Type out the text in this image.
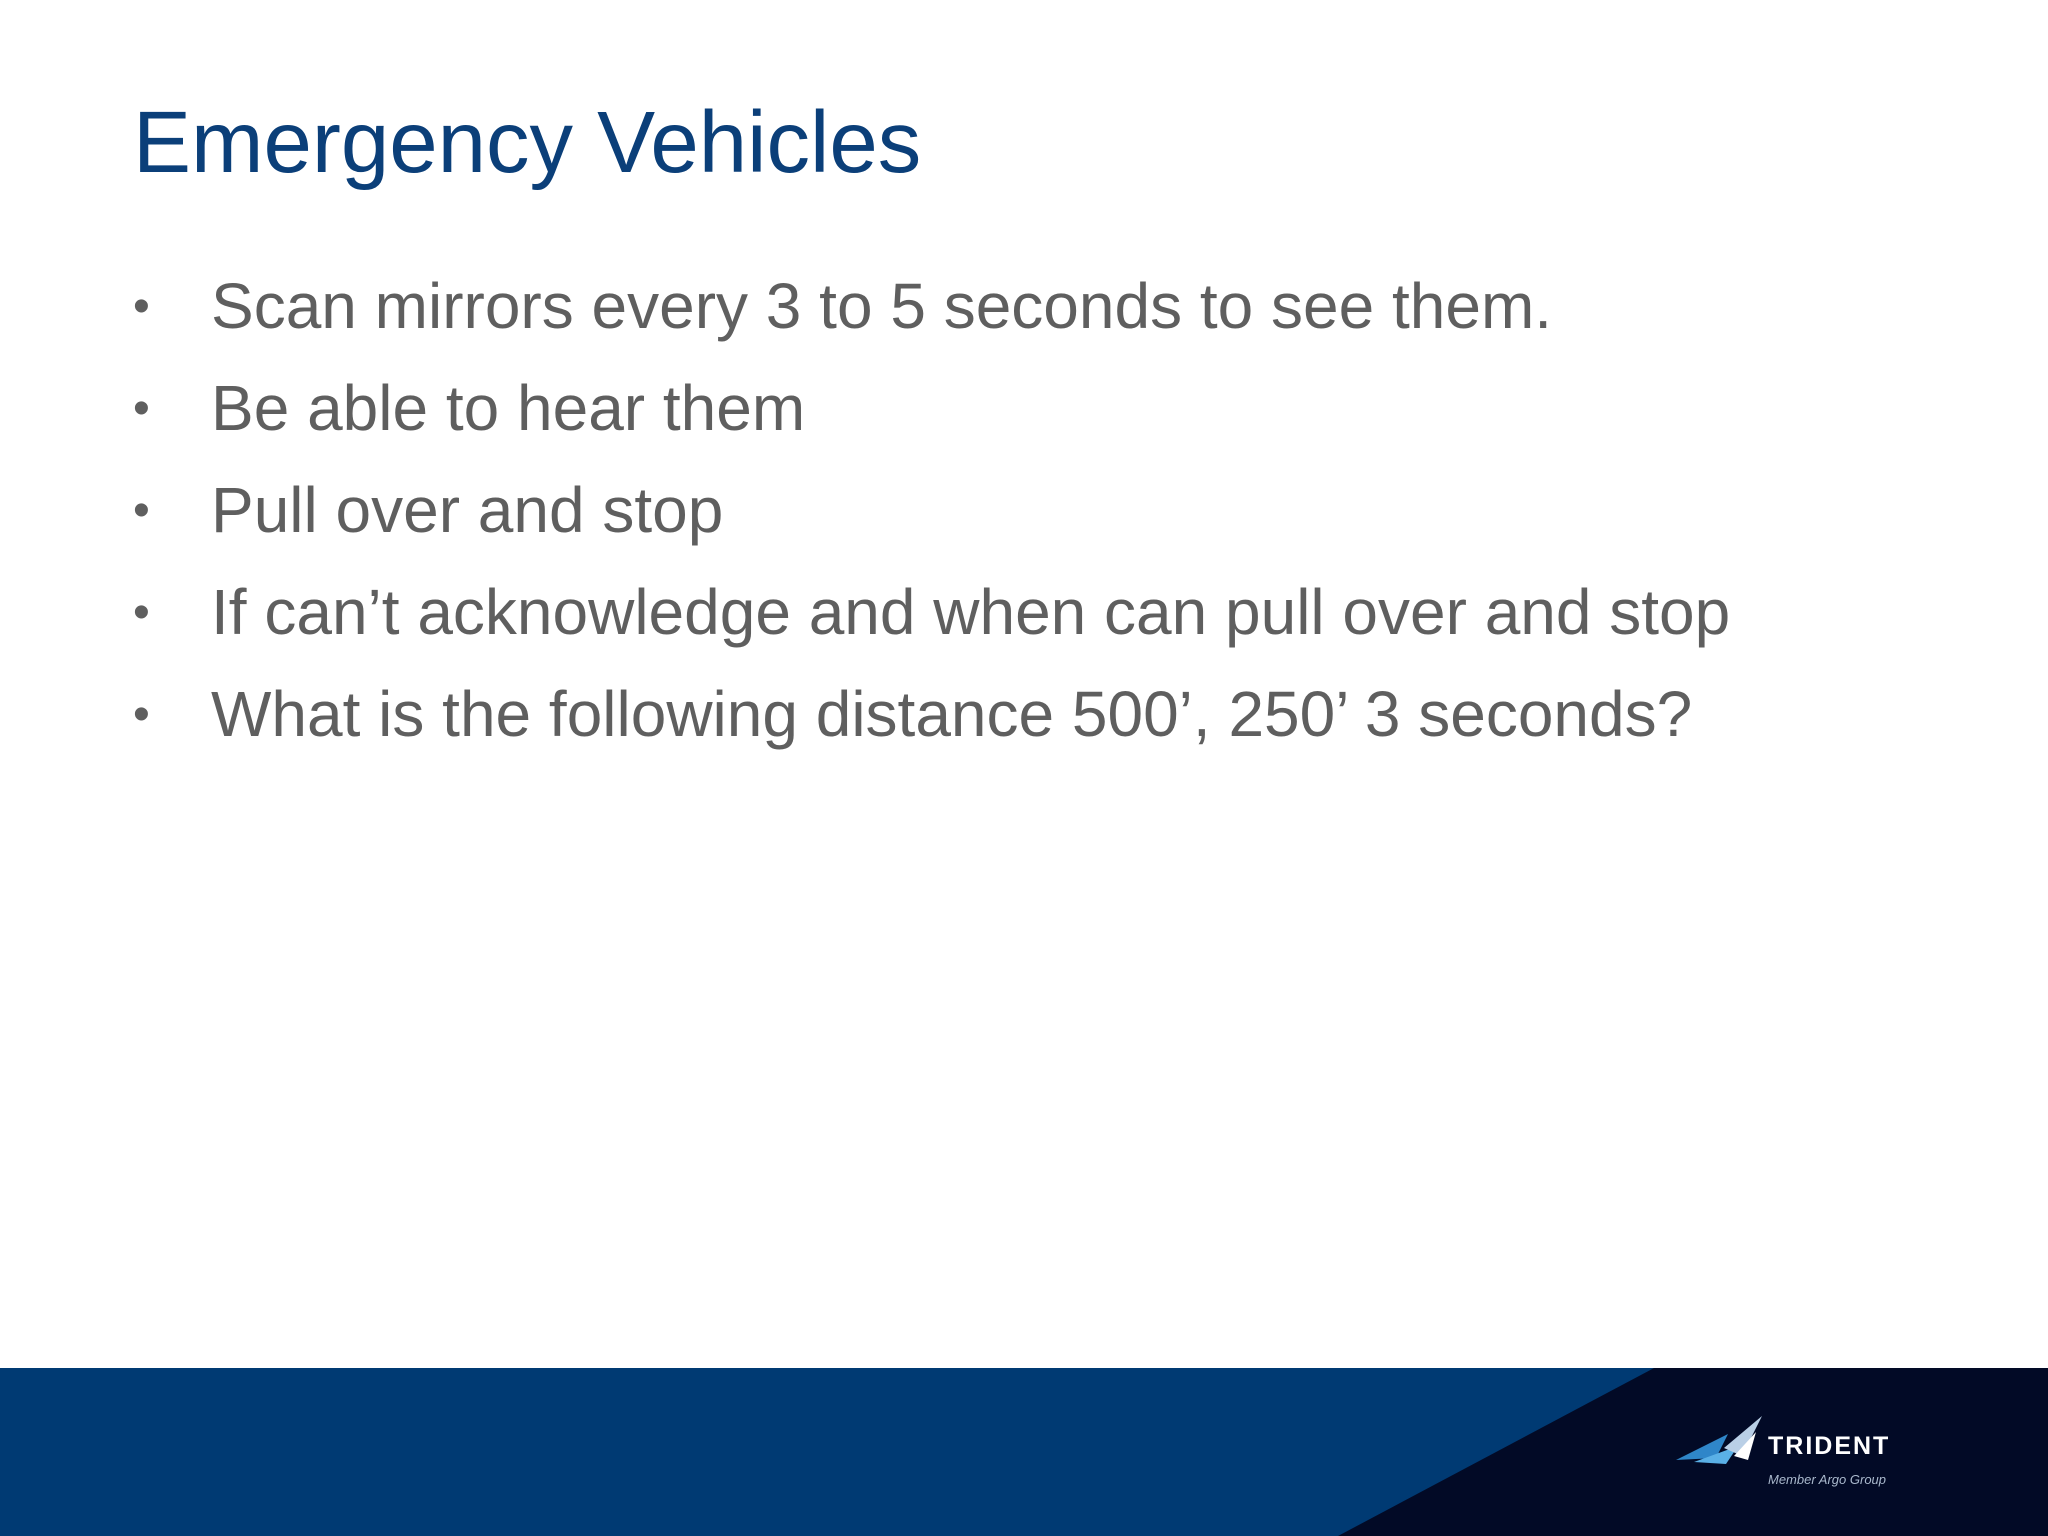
Emergency Vehicles
• Scan mirrors every 3 to 5 seconds to see them.
• Be able to hear them
• Pull over and stop
• If can’t acknowledge and when can pull over and stop
• What is the following distance 500’, 250’ 3 seconds?
TRIDENT
Member Argo Group
